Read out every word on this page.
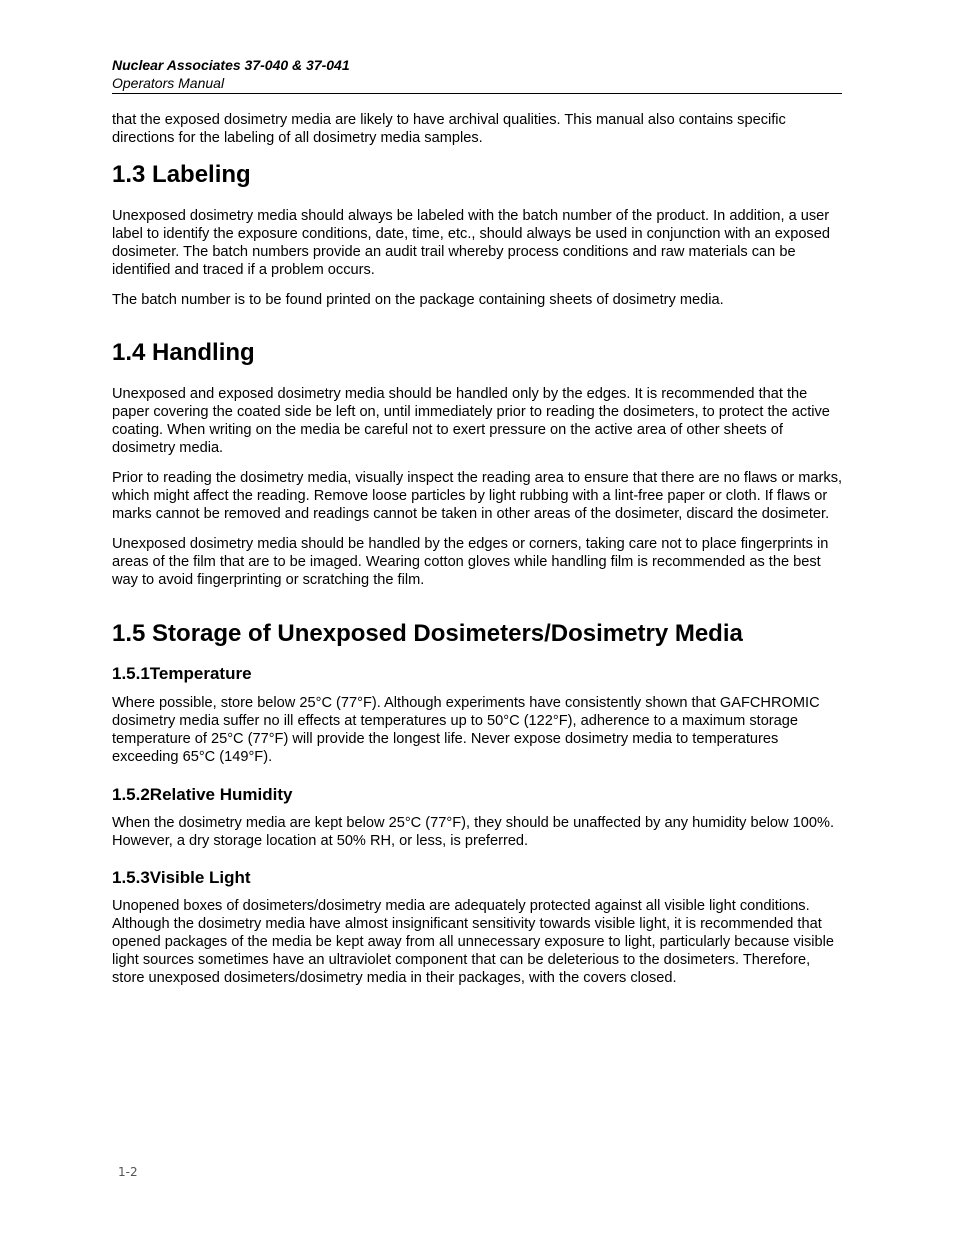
Nuclear Associates 37-040 & 37-041
Operators Manual

that the exposed dosimetry media are likely to have archival qualities. This manual also contains specific directions for the labeling of all dosimetry media samples.

1.3 Labeling

Unexposed dosimetry media should always be labeled with the batch number of the product. In addition, a user label to identify the exposure conditions, date, time, etc., should always be used in conjunction with an exposed dosimeter. The batch numbers provide an audit trail whereby process conditions and raw materials can be identified and traced if a problem occurs.

The batch number is to be found printed on the package containing sheets of dosimetry media.

1.4 Handling

Unexposed and exposed dosimetry media should be handled only by the edges. It is recommended that the paper covering the coated side be left on, until immediately prior to reading the dosimeters, to protect the active coating. When writing on the media be careful not to exert pressure on the active area of other sheets of dosimetry media.

Prior to reading the dosimetry media, visually inspect the reading area to ensure that there are no flaws or marks, which might affect the reading. Remove loose particles by light rubbing with a lint-free paper or cloth. If flaws or marks cannot be removed and readings cannot be taken in other areas of the dosimeter, discard the dosimeter.

Unexposed dosimetry media should be handled by the edges or corners, taking care not to place fingerprints in areas of the film that are to be imaged. Wearing cotton gloves while handling film is recommended as the best way to avoid fingerprinting or scratching the film.

1.5 Storage of Unexposed Dosimeters/Dosimetry Media
1.5.1Temperature

Where possible, store below 25°C (77°F). Although experiments have consistently shown that GAFCHROMIC dosimetry media suffer no ill effects at temperatures up to 50°C (122°F), adherence to a maximum storage temperature of 25°C (77°F) will provide the longest life. Never expose dosimetry media to temperatures exceeding 65°C (149°F).

1.5.2Relative Humidity

When the dosimetry media are kept below 25°C (77°F), they should be unaffected by any humidity below 100%. However, a dry storage location at 50% RH, or less, is preferred.

1.5.3Visible Light

Unopened boxes of dosimeters/dosimetry media are adequately protected against all visible light conditions. Although the dosimetry media have almost insignificant sensitivity towards visible light, it is recommended that opened packages of the media be kept away from all unnecessary exposure to light, particularly because visible light sources sometimes have an ultraviolet component that can be deleterious to the dosimeters. Therefore, store unexposed dosimeters/dosimetry media in their packages, with the covers closed.

1-2
